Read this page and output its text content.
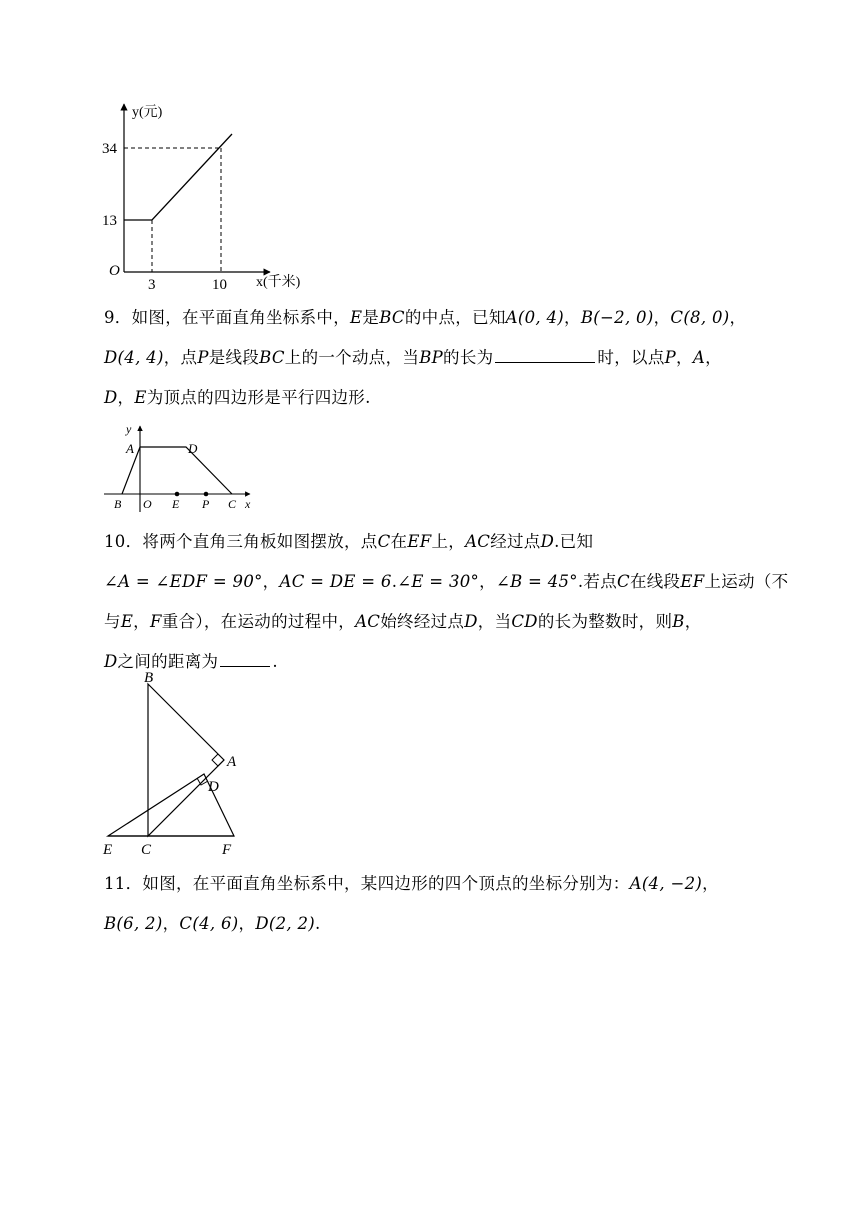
y(元)
34
13
O
3	10 x(千米)
9．如图，在平面直角坐标系中，E是BC的中点，已知A(0, 4)，B(−2, 0)，C(8, 0)，
D(4, 4)，点P是线段BC上的一个动点，当BP的长为	时，以点P，A，
D，E为顶点的四边形是平行四边形.
y
A	D
B O E P C x
10．将两个直角三角板如图摆放，点C在EF上，AC经过点D.已知
∠A = ∠EDF = 90°，AC = DE = 6.∠E = 30°，∠B = 45°.若点C在线段EF上运动（不
与E，F重合），在运动的过程中，AC始终经过点D，当CD的长为整数时，则B，
D之间的距离为	.
B
A
D
E C	F
11．如图，在平面直角坐标系中，某四边形的四个顶点的坐标分别为：A(4, −2)，
B(6, 2)，C(4, 6)，D(2, 2).
